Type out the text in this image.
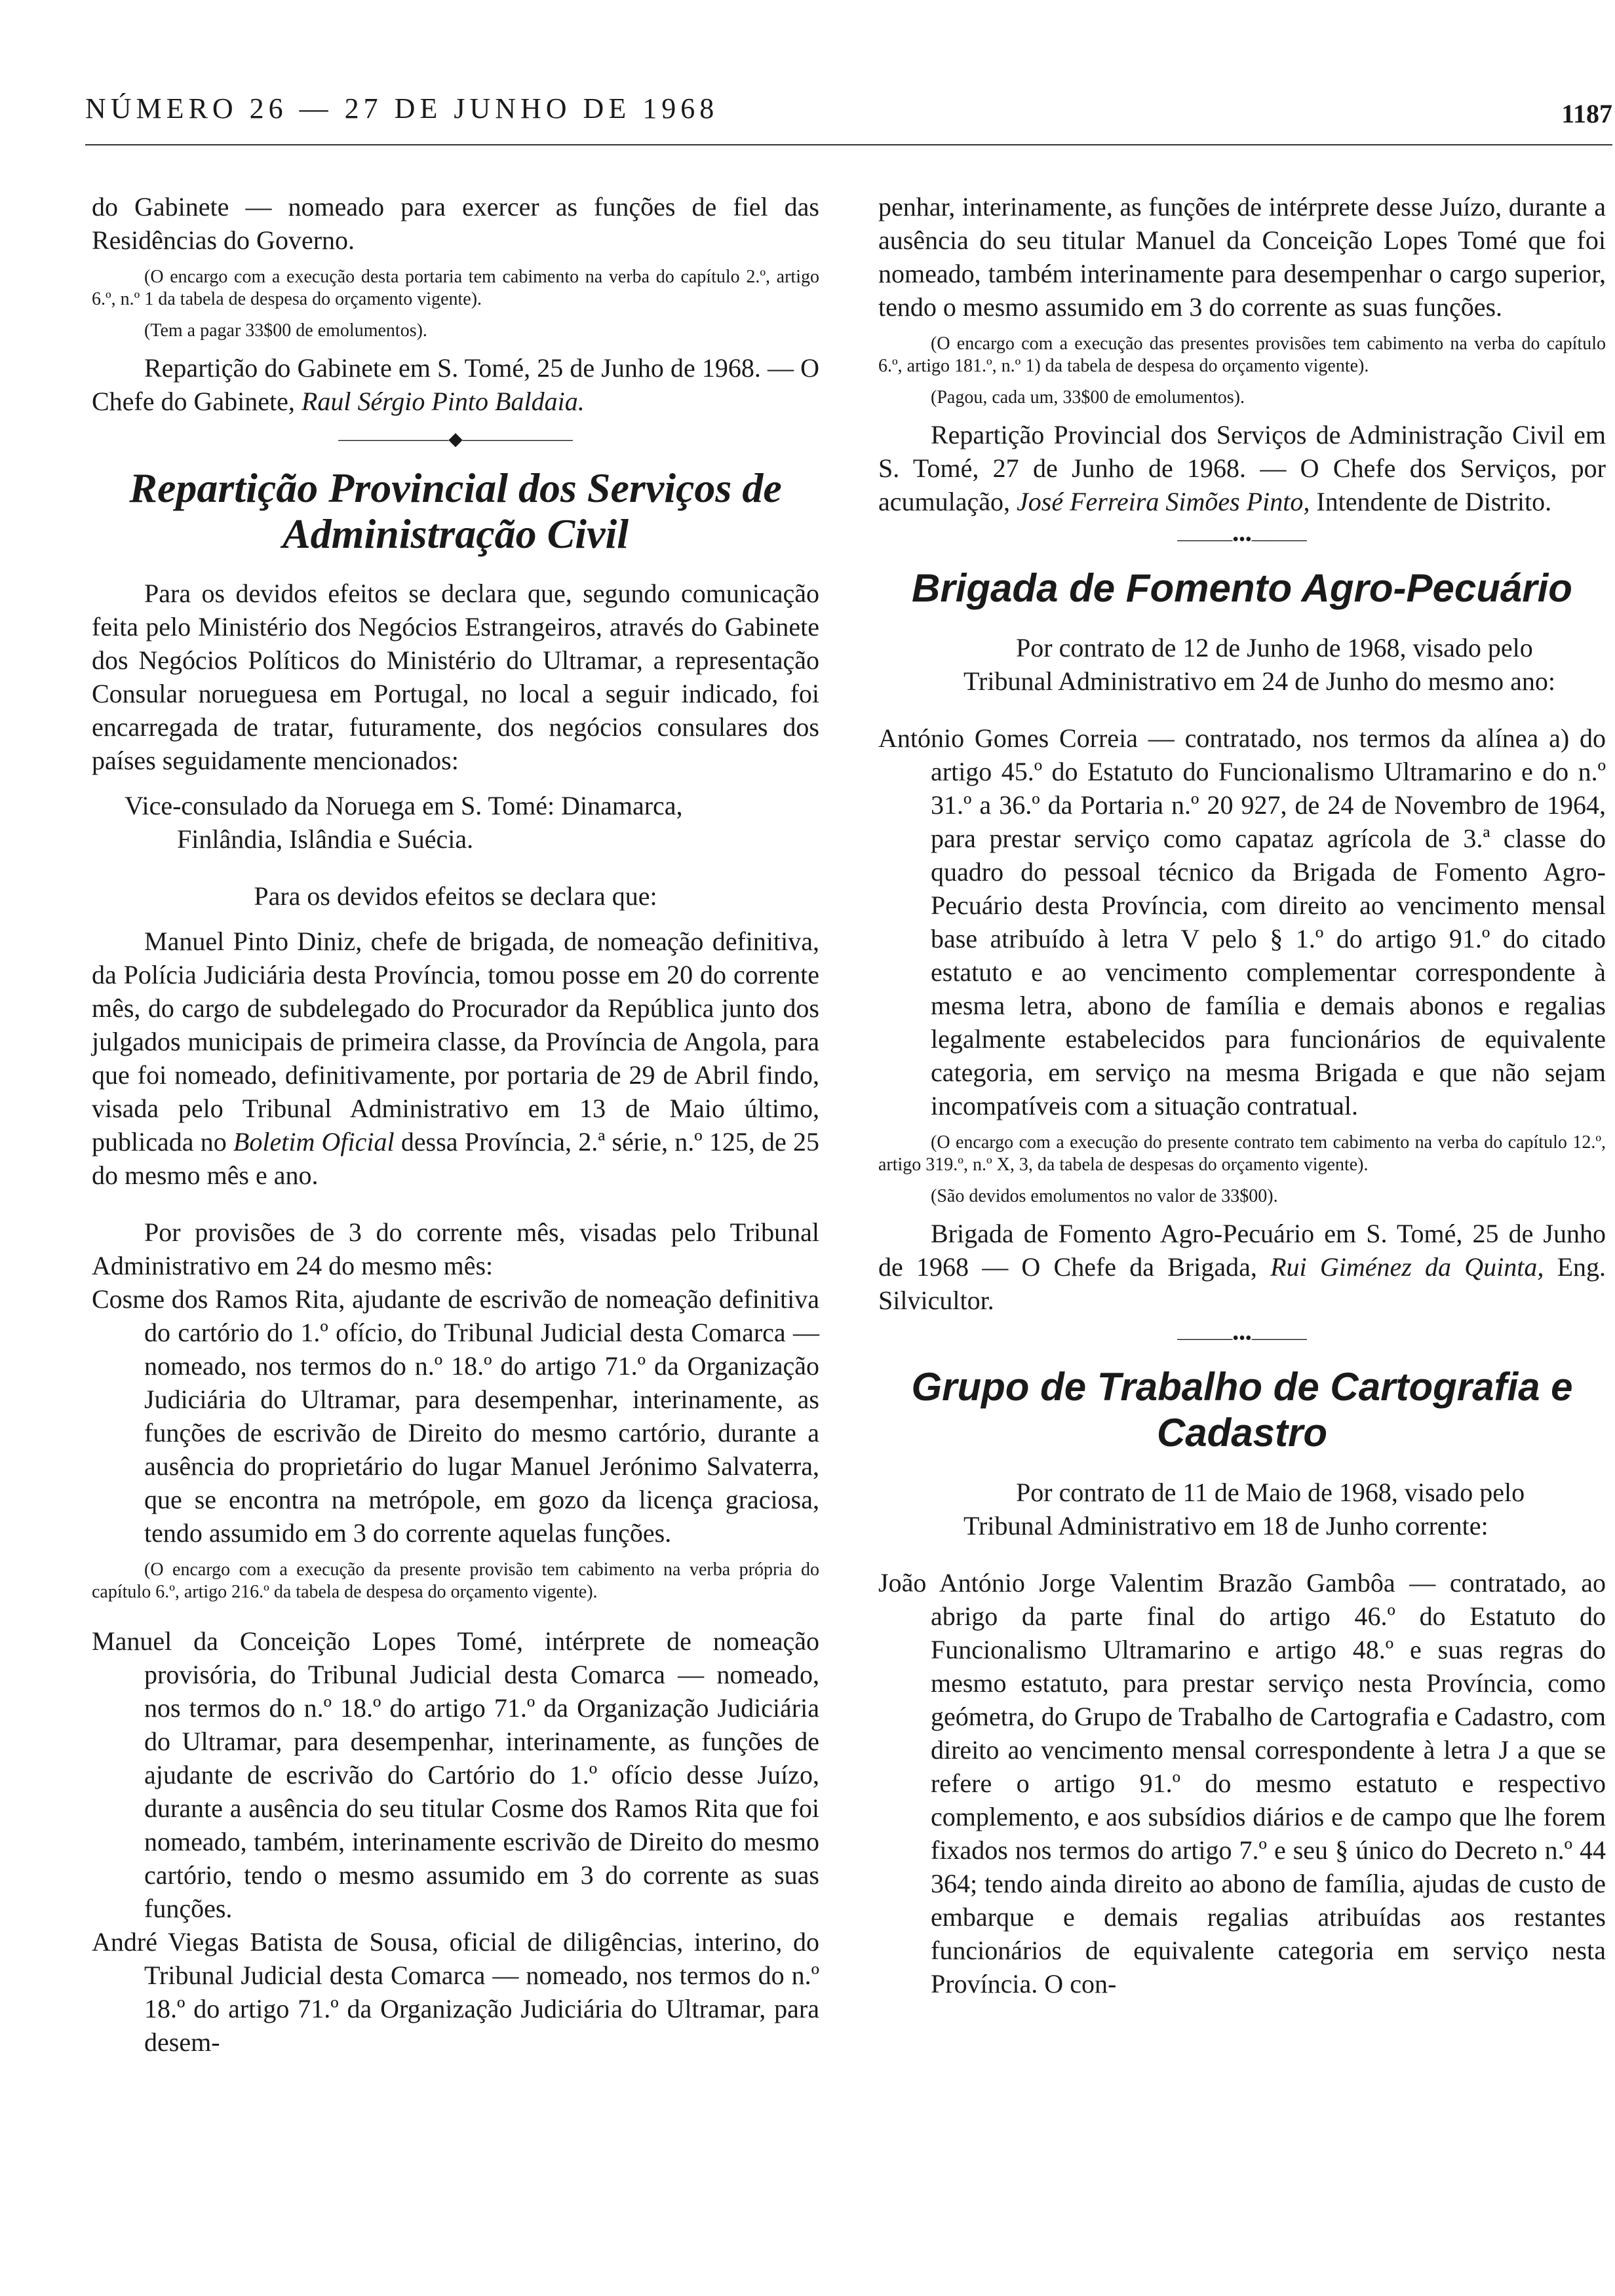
NÚMERO 26 — 27 DE JUNHO DE 1968	1187

do Gabinete — nomeado para exercer as funções de fiel das Residências do Governo.

(O encargo com a execução desta portaria tem cabimento na verba do capítulo 2.º, artigo 6.º, n.º 1 da tabela de despesa do orçamento vigente).

(Tem a pagar 33$00 de emolumentos).

Repartição do Gabinete em S. Tomé, 25 de Junho de 1968. — O Chefe do Gabinete, Raul Sérgio Pinto Baldaia.

——————◆——————
Repartição Provincial dos Serviços de Administração Civil

Para os devidos efeitos se declara que, segundo comunicação feita pelo Ministério dos Negócios Estrangeiros, através do Gabinete dos Negócios Políticos do Ministério do Ultramar, a representação Consular norueguesa em Portugal, no local a seguir indicado, foi encarregada de tratar, futuramente, dos negócios consulares dos países seguidamente mencionados:

Vice-consulado da Noruega em S. Tomé: Dinamarca, Finlândia, Islândia e Suécia.

Para os devidos efeitos se declara que:

Manuel Pinto Diniz, chefe de brigada, de nomeação definitiva, da Polícia Judiciária desta Província, tomou posse em 20 do corrente mês, do cargo de subdelegado do Procurador da República junto dos julgados municipais de primeira classe, da Província de Angola, para que foi nomeado, definitivamente, por portaria de 29 de Abril findo, visada pelo Tribunal Administrativo em 13 de Maio último, publicada no Boletim Oficial dessa Província, 2.ª série, n.º 125, de 25 do mesmo mês e ano.

Por provisões de 3 do corrente mês, visadas pelo Tribunal Administrativo em 24 do mesmo mês:

Cosme dos Ramos Rita, ajudante de escrivão de nomeação definitiva do cartório do 1.º ofício, do Tribunal Judicial desta Comarca — nomeado, nos termos do n.º 18.º do artigo 71.º da Organização Judiciária do Ultramar, para desempenhar, interinamente, as funções de escrivão de Direito do mesmo cartório, durante a ausência do proprietário do lugar Manuel Jerónimo Salvaterra, que se encontra na metrópole, em gozo da licença graciosa, tendo assumido em 3 do corrente aquelas funções.

(O encargo com a execução da presente provisão tem cabimento na verba própria do capítulo 6.º, artigo 216.º da tabela de despesa do orçamento vigente).

Manuel da Conceição Lopes Tomé, intérprete de nomeação provisória, do Tribunal Judicial desta Comarca — nomeado, nos termos do n.º 18.º do artigo 71.º da Organização Judiciária do Ultramar, para desempenhar, interinamente, as funções de ajudante de escrivão do Cartório do 1.º ofício desse Juízo, durante a ausência do seu titular Cosme dos Ramos Rita que foi nomeado, também, interinamente escrivão de Direito do mesmo cartório, tendo o mesmo assumido em 3 do corrente as suas funções.

André Viegas Batista de Sousa, oficial de diligências, interino, do Tribunal Judicial desta Comarca — nomeado, nos termos do n.º 18.º do artigo 71.º da Organização Judiciária do Ultramar, para desem-

penhar, interinamente, as funções de intérprete desse Juízo, durante a ausência do seu titular Manuel da Conceição Lopes Tomé que foi nomeado, também interinamente para desempenhar o cargo superior, tendo o mesmo assumido em 3 do corrente as suas funções.

(O encargo com a execução das presentes provisões tem cabimento na verba do capítulo 6.º, artigo 181.º, n.º 1) da tabela de despesa do orçamento vigente).

(Pagou, cada um, 33$00 de emolumentos).

Repartição Provincial dos Serviços de Administração Civil em S. Tomé, 27 de Junho de 1968. — O Chefe dos Serviços, por acumulação, José Ferreira Simões Pinto, Intendente de Distrito.

———•••———
Brigada de Fomento Agro-Pecuário

Por contrato de 12 de Junho de 1968, visado pelo Tribunal Administrativo em 24 de Junho do mesmo ano:

António Gomes Correia — contratado, nos termos da alínea a) do artigo 45.º do Estatuto do Funcionalismo Ultramarino e do n.º 31.º a 36.º da Portaria n.º 20 927, de 24 de Novembro de 1964, para prestar serviço como capataz agrícola de 3.ª classe do quadro do pessoal técnico da Brigada de Fomento Agro-Pecuário desta Província, com direito ao vencimento mensal base atribuído à letra V pelo § 1.º do artigo 91.º do citado estatuto e ao vencimento complementar correspondente à mesma letra, abono de família e demais abonos e regalias legalmente estabelecidos para funcionários de equivalente categoria, em serviço na mesma Brigada e que não sejam incompatíveis com a situação contratual.

(O encargo com a execução do presente contrato tem cabimento na verba do capítulo 12.º, artigo 319.º, n.º X, 3, da tabela de despesas do orçamento vigente).

(São devidos emolumentos no valor de 33$00).

Brigada de Fomento Agro-Pecuário em S. Tomé, 25 de Junho de 1968 — O Chefe da Brigada, Rui Giménez da Quinta, Eng. Silvicultor.

———•••———
Grupo de Trabalho de Cartografia e Cadastro

Por contrato de 11 de Maio de 1968, visado pelo Tribunal Administrativo em 18 de Junho corrente:

João António Jorge Valentim Brazão Gambôa — contratado, ao abrigo da parte final do artigo 46.º do Estatuto do Funcionalismo Ultramarino e artigo 48.º e suas regras do mesmo estatuto, para prestar serviço nesta Província, como geómetra, do Grupo de Trabalho de Cartografia e Cadastro, com direito ao vencimento mensal correspondente à letra J a que se refere o artigo 91.º do mesmo estatuto e respectivo complemento, e aos subsídios diários e de campo que lhe forem fixados nos termos do artigo 7.º e seu § único do Decreto n.º 44 364; tendo ainda direito ao abono de família, ajudas de custo de embarque e demais regalias atribuídas aos restantes funcionários de equivalente categoria em serviço nesta Província. O con-
